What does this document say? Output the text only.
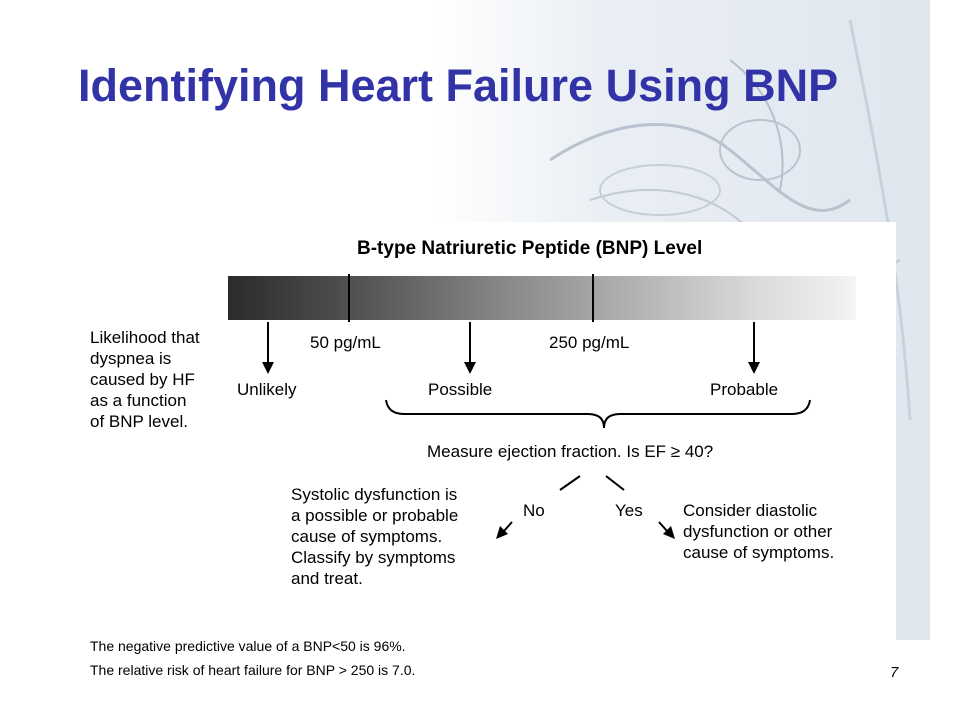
Identifying Heart Failure Using BNP
B-type Natriuretic Peptide (BNP) Level
Likelihood that
dyspnea is
caused by HF
as a function
of BNP level.
50 pg/mL	250 pg/mL
Unlikely	Possible	Probable
Measure ejection fraction. Is EF ≥ 40?
No	Yes
Systolic dysfunction is
a possible or probable
cause of symptoms.
Classify by symptoms
and treat.
Consider diastolic
dysfunction or other
cause of symptoms.
The negative predictive value of a BNP<50 is 96%.
The relative risk of heart failure for BNP > 250 is 7.0.	7
